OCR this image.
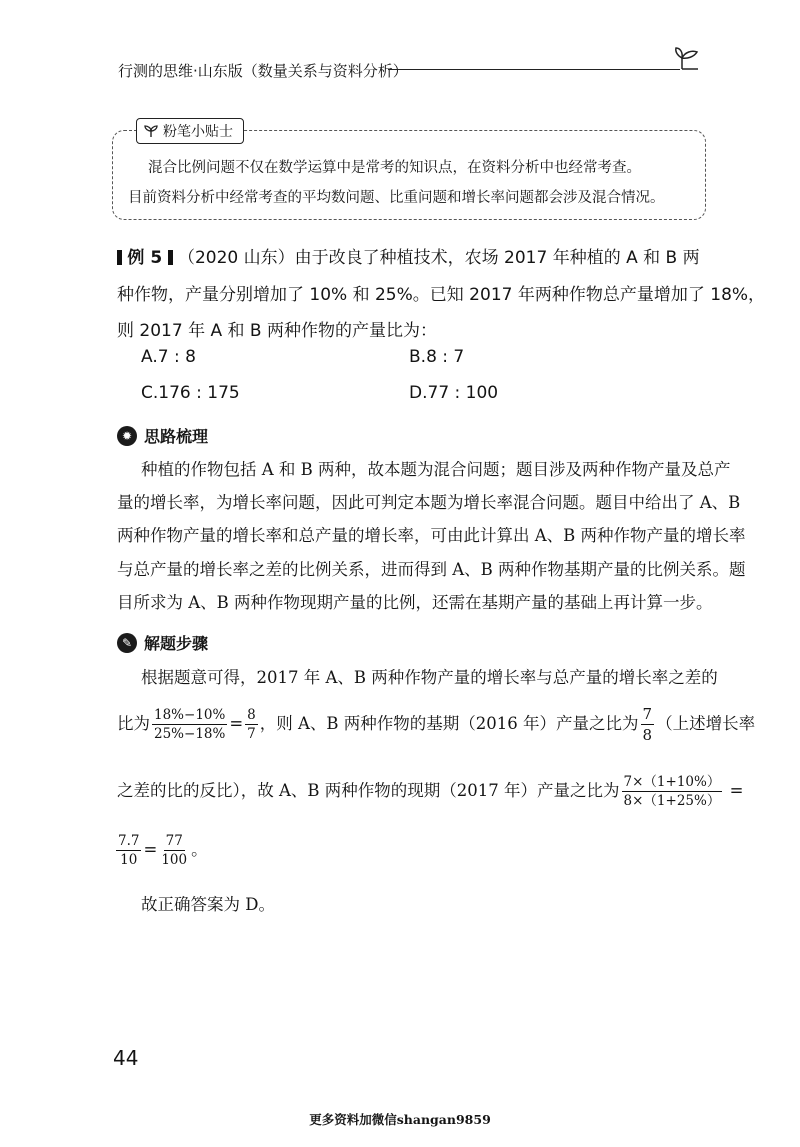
行测的思维·山东版（数量关系与资料分析）
粉笔小贴士
混合比例问题不仅在数学运算中是常考的知识点，在资料分析中也经常考查。
目前资料分析中经常考查的平均数问题、比重问题和增长率问题都会涉及混合情况。
例 5 （2020 山东）由于改良了种植技术，农场 2017 年种植的 A 和 B 两
种作物，产量分别增加了 10% 和 25%。已知 2017 年两种作物总产量增加了 18%，
则 2017 年 A 和 B 两种作物的产量比为：
A.7 : 8	B.8 : 7
C.176 : 175	D.77 : 100
✹ 思路梳理
种植的作物包括 A 和 B 两种，故本题为混合问题；题目涉及两种作物产量及总产
量的增长率，为增长率问题，因此可判定本题为增长率混合问题。题目中给出了 A、B
两种作物产量的增长率和总产量的增长率，可由此计算出 A、B 两种作物产量的增长率
与总产量的增长率之差的比例关系，进而得到 A、B 两种作物基期产量的比例关系。题
目所求为 A、B 两种作物现期产量的比例，还需在基期产量的基础上再计算一步。
✎ 解题步骤
根据题意可得，2017 年 A、B 两种作物产量的增长率与总产量的增长率之差的
比为 $\frac{18\%-10\%}{25\%-18\%} = \frac{8}{7}$ ，则 A、B 两种作物的基期（2016 年）产量之比为 $\frac{7}{8}$ （上述增长率
之差的比的反比），故 A、B 两种作物的现期（2017 年）产量之比为 $\frac{7\times(1+10\%)}{8\times(1+25\%)}$ =
$\frac{7.7}{10} = \frac{77}{100}$ 。
故正确答案为 D。
44
更多资料加微信shangan9859
